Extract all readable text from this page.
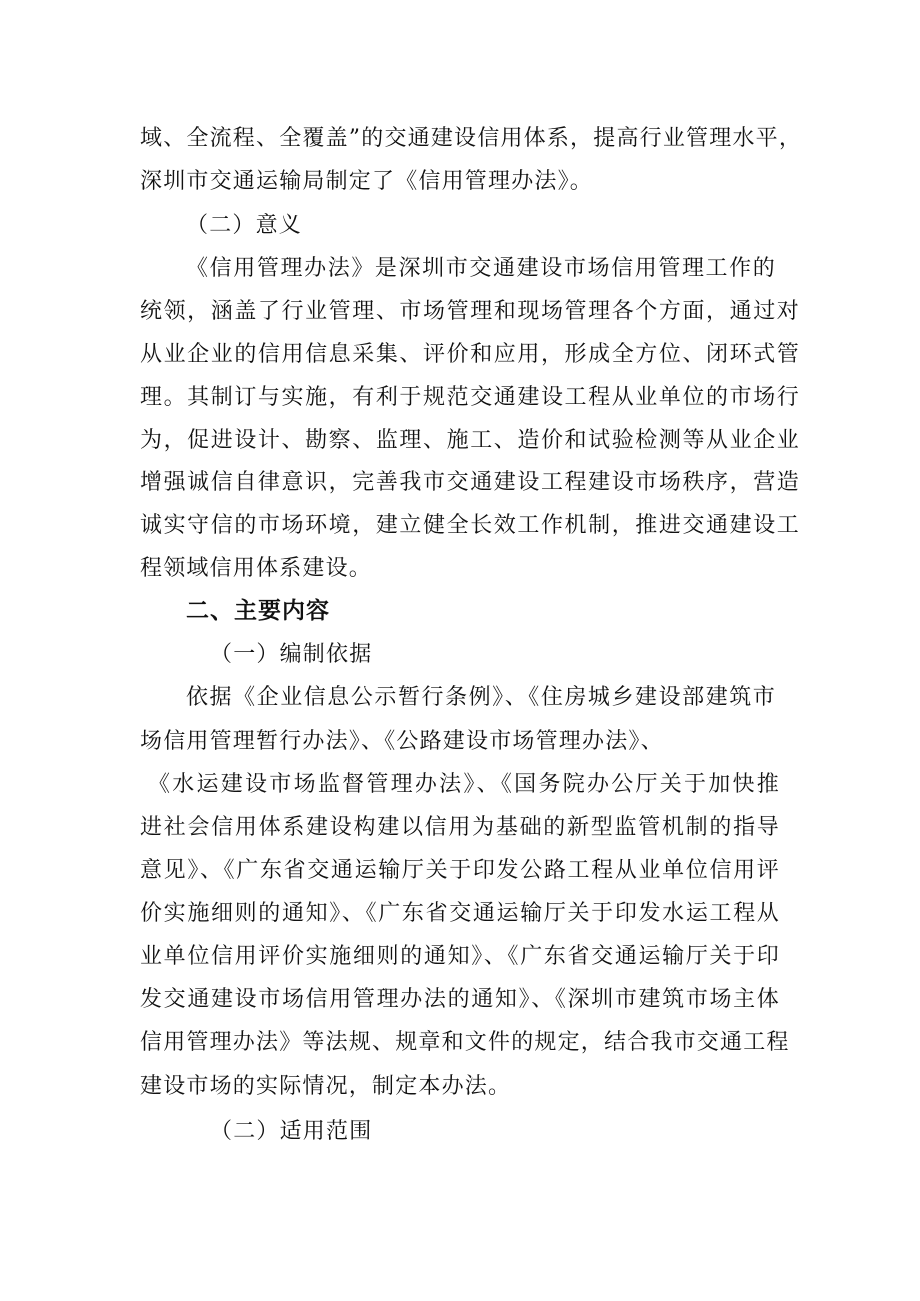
域、全流程、全覆盖”的交通建设信用体系，提高行业管理水平，
深圳市交通运输局制定了《信用管理办法》。
（二）意义
《信用管理办法》是深圳市交通建设市场信用管理工作的
统领，涵盖了行业管理、市场管理和现场管理各个方面，通过对
从业企业的信用信息采集、评价和应用，形成全方位、闭环式管
理。其制订与实施，有利于规范交通建设工程从业单位的市场行
为，促进设计、勘察、监理、施工、造价和试验检测等从业企业
增强诚信自律意识，完善我市交通建设工程建设市场秩序，营造
诚实守信的市场环境，建立健全长效工作机制，推进交通建设工
程领域信用体系建设。
二、主要内容
（一）编制依据
依据《企业信息公示暂行条例》、《住房城乡建设部建筑市
场信用管理暂行办法》、《公路建设市场管理办法》、
《水运建设市场监督管理办法》、《国务院办公厅关于加快推
进社会信用体系建设构建以信用为基础的新型监管机制的指导
意见》、《广东省交通运输厅关于印发公路工程从业单位信用评
价实施细则的通知》、《广东省交通运输厅关于印发水运工程从
业单位信用评价实施细则的通知》、《广东省交通运输厅关于印
发交通建设市场信用管理办法的通知》、《深圳市建筑市场主体
信用管理办法》等法规、规章和文件的规定，结合我市交通工程
建设市场的实际情况，制定本办法。
（二）适用范围
